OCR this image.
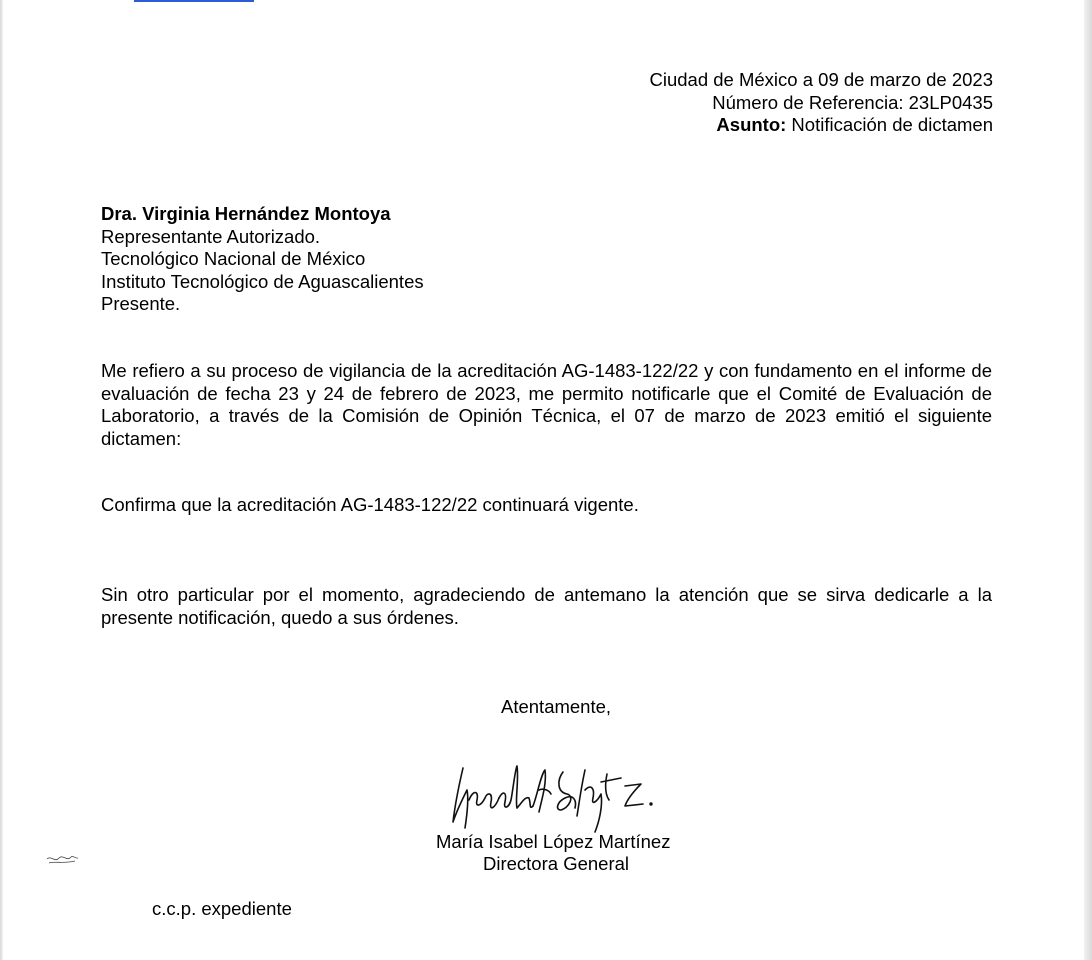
Ciudad de México a 09 de marzo de 2023
Número de Referencia: 23LP0435
Asunto: Notificación de dictamen
Dra. Virginia Hernández Montoya
Representante Autorizado.
Tecnológico Nacional de México
Instituto Tecnológico de Aguascalientes
Presente.
Me refiero a su proceso de vigilancia de la acreditación AG-1483-122/22 y con fundamento en el informe de evaluación de fecha 23 y 24 de febrero de 2023, me permito notificarle que el Comité de Evaluación de Laboratorio, a través de la Comisión de Opinión Técnica, el 07 de marzo de 2023 emitió el siguiente dictamen:
Confirma que la acreditación AG-1483-122/22 continuará vigente.
Sin otro particular por el momento, agradeciendo de antemano la atención que se sirva dedicarle a la presente notificación, quedo a sus órdenes.
Atentamente,
María Isabel López Martínez
Directora General
c.c.p. expediente
